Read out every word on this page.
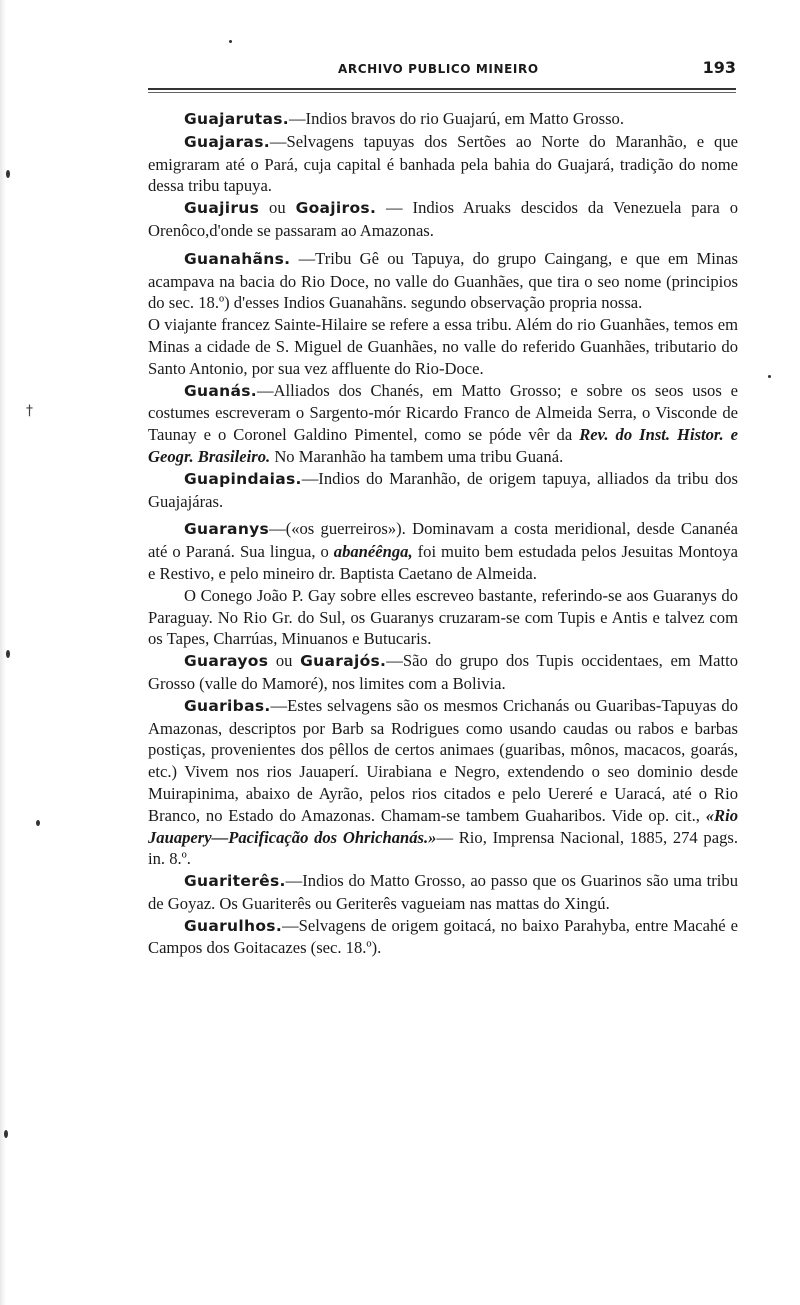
ARCHIVO PUBLICO MINEIRO	193

Guajarutas.—Indios bravos do rio Guajarú, em Matto Grosso.

Guajaras.—Selvagens tapuyas dos Sertões ao Norte do Maranhão, e que emigraram até o Pará, cuja capital é banhada pela bahia do Guajará, tradição do nome dessa tribu tapuya.

Guajirus ou Goajiros. — Indios Aruaks descidos da Venezuela para o Orenôco,d'onde se passaram ao Amazonas.

Guanahãns. —Tribu Gê ou Tapuya, do grupo Caingang, e que em Minas acampava na bacia do Rio Doce, no valle do Guanhães, que tira o seo nome (principios do sec. 18.º) d'esses Indios Guanahãns. segundo observação propria nossa.

O viajante francez Sainte-Hilaire se refere a essa tribu. Além do rio Guanhães, temos em Minas a cidade de S. Miguel de Guanhães, no valle do referido Guanhães, tributario do Santo Antonio, por sua vez affluente do Rio-Doce.

Guanás.—Alliados dos Chanés, em Matto Grosso; e sobre os seos usos e costumes escreveram o Sargento-mór Ricardo Franco de Almeida Serra, o Visconde de Taunay e o Coronel Galdino Pimentel, como se póde vêr da Rev. do Inst. Histor. e Geogr. Brasileiro. No Maranhão ha tambem uma tribu Guaná.

Guapindaias.—Indios do Maranhão, de origem tapuya, alliados da tribu dos Guajajáras.

Guaranys—(«os guerreiros»). Dominavam a costa meridional, desde Cananéa até o Paraná. Sua lingua, o abanéênga, foi muito bem estudada pelos Jesuitas Montoya e Restivo, e pelo mineiro dr. Baptista Caetano de Almeida.

O Conego João P. Gay sobre elles escreveo bastante, referindo-se aos Guaranys do Paraguay. No Rio Gr. do Sul, os Guaranys cruzaram-se com Tupis e Antis e talvez com os Tapes, Charrúas, Minuanos e Butucaris.

Guarayos ou Guarajós.—São do grupo dos Tupis occidentaes, em Matto Grosso (valle do Mamoré), nos limites com a Bolivia.

Guaribas.—Estes selvagens são os mesmos Crichanás ou Guaribas-Tapuyas do Amazonas, descriptos por Barb sa Rodrigues como usando caudas ou rabos e barbas postiças, provenientes dos pêllos de certos animaes (guaribas, mônos, macacos, goarás, etc.) Vivem nos rios Jauaperí. Uirabiana e Negro, extendendo o seo dominio desde Muirapinima, abaixo de Ayrão, pelos rios citados e pelo Uereré e Uaracá, até o Rio Branco, no Estado do Amazonas. Chamam-se tambem Guaharibos. Vide op. cit., «Rio Jauapery—Pacificação dos Ohrichanás.»— Rio, Imprensa Nacional, 1885, 274 pags. in. 8.º.

Guariterês.—Indios do Matto Grosso, ao passo que os Guarinos são uma tribu de Goyaz. Os Guariterês ou Geriterês vagueiam nas mattas do Xingú.

Guarulhos.—Selvagens de origem goitacá, no baixo Parahyba, entre Macahé e Campos dos Goitacazes (sec. 18.º).

†
